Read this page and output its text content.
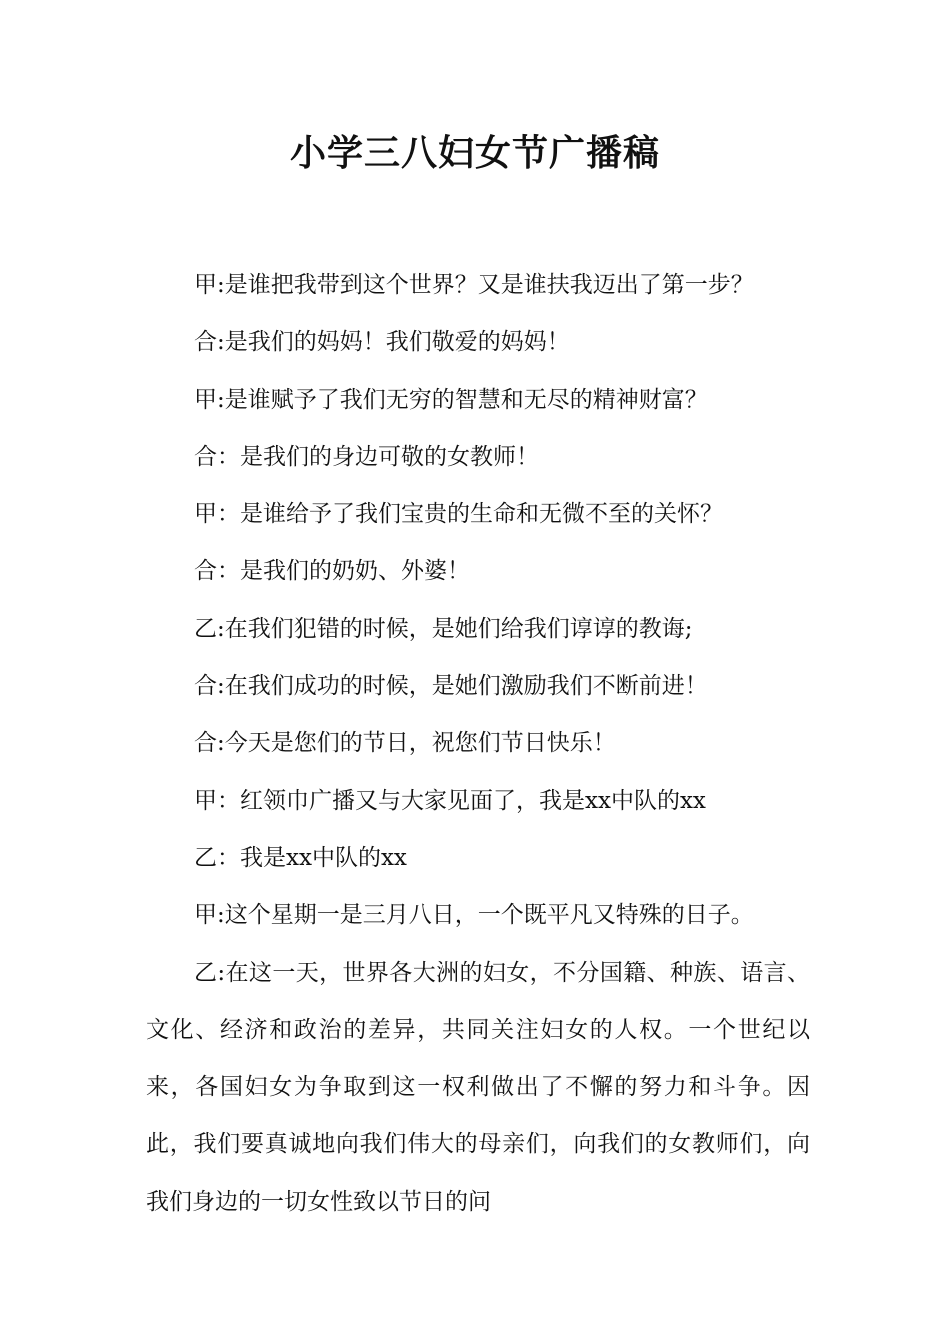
小学三八妇女节广播稿

甲:是谁把我带到这个世界？又是谁扶我迈出了第一步？

合:是我们的妈妈！我们敬爱的妈妈！

甲:是谁赋予了我们无穷的智慧和无尽的精神财富？

合：是我们的身边可敬的女教师！

甲：是谁给予了我们宝贵的生命和无微不至的关怀？

合：是我们的奶奶、外婆！

乙:在我们犯错的时候，是她们给我们谆谆的教诲;

合:在我们成功的时候，是她们激励我们不断前进！

合:今天是您们的节日，祝您们节日快乐！

甲：红领巾广播又与大家见面了，我是xx中队的xx

乙：我是xx中队的xx

甲:这个星期一是三月八日，一个既平凡又特殊的日子。

乙:在这一天，世界各大洲的妇女，不分国籍、种族、语言、文化、经济和政治的差异，共同关注妇女的人权。一个世纪以来，各国妇女为争取到这一权利做出了不懈的努力和斗争。因此，我们要真诚地向我们伟大的母亲们，向我们的女教师们，向我们身边的一切女性致以节日的问
